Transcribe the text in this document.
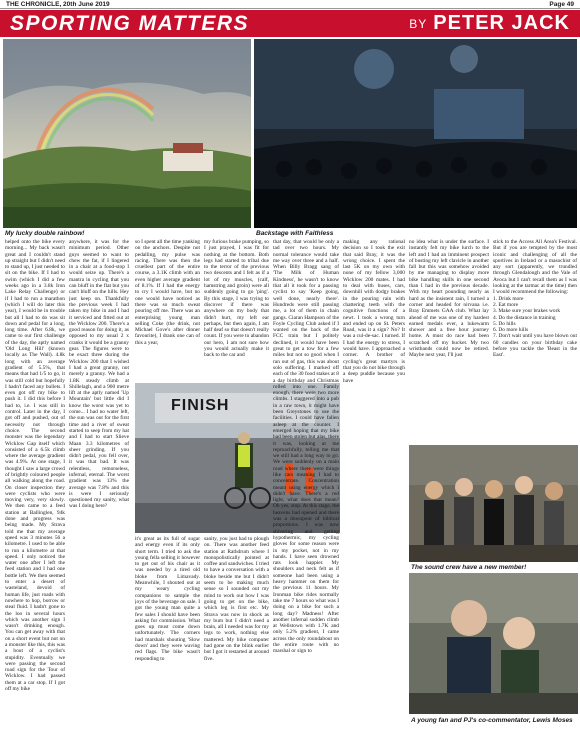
THE CHRONICLE, 20th June 2019	Page 49
SPORTING MATTERS	BY PETER JACK
My lucky double rainbow!	Backstage with Faithless
FINISH
The sound crew have a new member!
A young fan and PJ's co-commentator, Lewis Moses

helped onto the bike every morning... My back wasn't great and I couldn't stand up straight but I didn't need to stand up, I just needed to sit on the bike. If I had to swim (which I did a few weeks ago in a 3.8k Iron Lake Relay Challenge) or if I had to run a marathon (which I will do later this year), I would be in trouble but all I had to do was sit down and pedal for a long, long time. After 6.8k, we came to our first challenge of the day, the aptly named 'Old Long Hill' (known locally as The Wall). 4.8k long with an average gradient of 5.5%, that means that had 1/5 to go, it was still cold but hopefully I hadn't faced any bullets. I even got off my bike to push it. I did this before I had to, i.e. I was still in control. Later in the day, I got off and pushed, out of necessity not through choice. The second monster was the legendary Wicklow Gap itself which consisted of a 6.5k climb where the average gradient was 4.9%. At one stage, I thought I saw a large crowd of brightly coloured people all walking along the road. On closer inspection they were cyclists who were moving very, very slowly. We then came to a feed station at Ballinglen, 94k done and progress was being made. My Strava told me that my average speed was 3 minutes 56 a kilometre. I used to be able to run a kilometre at that speed. I only noticed the water one after I left the feed station and I had one bottle left. We then seemed to enter a desert of wasteland, devoid of human life, just roads with nowhere to hop, borrow or steal fluid. I hadn't gone to the loo in several hours which was another sign I wasn't drinking enough. You can get away with that on a short event but not on a monster like this, this was a bout of a cyclist's stupidity. Eventually we were passing the second road sign for the Tour of Wicklow. I had passed them at a car stop. If I got off my bike

anywhere, it was for the minimum period. Other guys seemed to want to chew the fat, if I lingered in a chair at a food-stop I would seize up. There's a mantra in cycling that you can bluff in the flat but you can't bluff on the hills. Hey just keep on. Thankfully the previous week I had taken my bike in and I had it serviced and fitted out at the Wicklow 200. There's a good reason for doing it, as opposed to my usual 2 x cranks it would be a granny gear. The figures were to be exact three during the Wicklow 200 that I wished I had a great granny, not merely a granny. We had a 1.8K steady climb at Shillelagh, and a 900 metre lift at the aptly named 'Up Mountain' but little did I know the worst was yet to come... I had no water left, the sun was out for the first time and a river of sweat started to seep from my hat and I had to start Slieve Maan 3.3 kilometres of sheer grinding. If you didn't pedal, you fell over, it was that bad. It was relentless, remorseless, infernal, eternal. The worst gradient was 13% the average was 7.8% and this is were I seriously questioned my sanity, what was I doing here?

so I spent all the time yanking on the anchors. Despite not pedalling, my pulse was racing. There was then the cruellest part of the entire course, a 3.1K climb with an even higher average gradient of 8.1%. If I had the energy to cry I would have, but no one would have noticed as there was so much sweat pouring off me. There was an enterprising young man selling Coke (the drink, not Michael Gove's after dinner favourite), I drank one can of this a year,

my furious brake pumping, so I just prayed, I was fit for nothing at the bottom. Both legs had started to tribal due to the terror of the previous two descents and I felt as if a lot of my muscles, (calf, hamstring and groin) were all suddenly going to go 'ping'. By this stage, I was trying to discover if there was anywhere on my body that didn't hurt, my left ear perhaps, but then again, I am half deaf so that doesn't really count. If you were to abandon our hero, I am not sure how you would actually make it back to the car and

it's great as its full of sugar and energy even if its only short term. I tried to ask the young fella selling it however to get out of his chair as it was needed by a tired old bloke from Limavady. Meanwhile, I shouted out at my weary cycling companions to sample the joys of the beverage on sale. I got the young man quite a few sales I should have been asking for commission. What goes up must come down unfortunately. The corners had marshals shouting 'Slow down' and they were waving red flags. The bike wasn't responding to

sanity, you just had to plough on. There was another feed station at Rathdrum where I monopolistically pointed at coffee and sandwiches. I tried to have a conversation with a bloke beside me but I didn't seem to be making much sense so I sounded out my mind to work out how I was going to get on the bike, which leg is first etc. My Strava was now in shock as my bum but I didn't need a brain, all I needed was for my legs to work, nothing else mattered. My bike computer had gone on the blink earlier but I got it restarted at around five.

that day, that would be only a tad over two hours. My normal tolerance would take me way over three and a half. When Billy Bragg sang of 'The Milk of Human Kindness', he wasn't to know that all it took for a passing cyclist to say 'Keep going, well done, nearly there'. Hundreds were still passing me, a lot of them in chain gangs. Ciaran Hampson of the Foyle Cycling Club asked if I wanted on the back of the FCC train but I politely declined, it would have been great to get a tow for a few miles but not so good when I ran out of gas, this was about solo suffering. I marked off each of the 30 food stakes at 8 a day birthday and Christmas rolled into one. Family enough, there were two more climbs. I staggered into a pub in a raw town, it might have been Greystones to use the facilities. I could have fallen asleep at the counter. I emerged hoping that my bike had been stolen but alas, there it was, looking at me reproachfully, telling me that we still had a long way to go. We were suddenly on a main road where there were things like cars meaning I had to concentrate. Concentration meant using energy which I didn't have. There's a red light, what does that mean? Oh yes, stop. At this stage, the heavens had opened and there was a downpour of biblical proportions. I was now shivering and getting hypothermic, my cycling gloves for some reason were in my pocket, not in my hands. I have seen drowned rats look happier. My shoulders and neck felt as if someone had been using a heavy hammer on them for the previous 11 hours. My Ironman bike rides normally take me 7 hours so what was I doing on a bike for such a long day? Madness! After another infernal sudden climb at Wellstown with 1.7K and only 5.2% gradient, I came across the only roundabout on the entire route with no marshal or sign to

making any rational decision so I took the exit that said Bray, it was the wrong choice. I spent the last 5K on my own with none of my fellow 3,000 Wicklow 200 mates. I had to deal with buses, cars, downhill with dodgy brakes in the pouring rain with chattering teeth with the cognitive functions of a newt. I took a wrong turn and ended up on St. Peters Road, was it a sign? No? It was a cul-de-sac. I turned. If I had the energy to stress, I would have. I approached a corner. A brother of cycling's great martyrs is that you do not bike through a deep puddle because you have

no idea what is under the surface. I instantly felt my bike lurch to the left and I had an imminent prospect of busting my left clavicle in another fall but this was somehow avoided by me managing to display more bike handling skills in one second than I had in the previous decade. With my heart pounding nearly as hard as the insistent rain, I turned a corner and headed for nirvana i.e. Bray Emmets GAA club. What lay ahead of me was one of my hardest earned medals ever, a lukewarm shower and a free hour journey home. A must do race had been scratched off my bucket. My two wristbands could now be retired. Maybe next year, I'll just

stick to the Access All Area's Festival. But if you are tempted by the most iconic and challenging of all the sportives in Ireland or a masochist of any sort (apparently, we trundled through Glendalough and the Vale of Avoca but I can't recall them as I was looking at the tarmac at the time) then I would recommend the following:

1. Drink more

2. Eat more

3. Make sure your brakes work

4. Do the distance in training

5. Do hills

6. Do more hills

7. Don't wait until you have blown out 60 candles on your birthday cake before you tackle the 'Beast in the East'.
